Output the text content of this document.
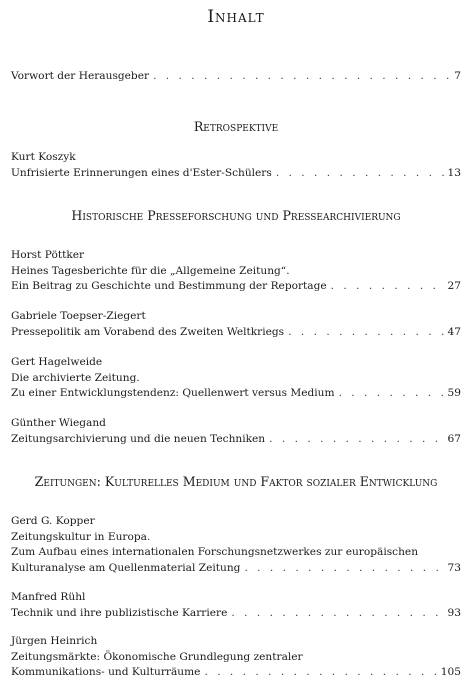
Inhalt
Vorwort der Herausgeber . . .	7
Retrospektive
Kurt Koszyk
Unfrisierte Erinnerungen eines d'Ester-Schülers . . .	13
Historische Presseforschung und Pressearchivierung
Horst Pöttker
Heines Tagesberichte für die „Allgemeine Zeitung“.
Ein Beitrag zu Geschichte und Bestimmung der Reportage . . .	27
Gabriele Toepser-Ziegert
Pressepolitik am Vorabend des Zweiten Weltkriegs . . .	47
Gert Hagelweide
Die archivierte Zeitung.
Zu einer Entwicklungstendenz: Quellenwert versus Medium . . .	59
Günther Wiegand
Zeitungsarchivierung und die neuen Techniken . . .	67
Zeitungen: Kulturelles Medium und Faktor sozialer Entwicklung
Gerd G. Kopper
Zeitungskultur in Europa.
Zum Aufbau eines internationalen Forschungsnetzwerkes zur europäischen
Kulturanalyse am Quellenmaterial Zeitung . . .	73
Manfred Rühl
Technik und ihre publizistische Karriere . . .	93
Jürgen Heinrich
Zeitungsmärkte: Ökonomische Grundlegung zentraler
Kommunikations- und Kulturräume . . .	105
